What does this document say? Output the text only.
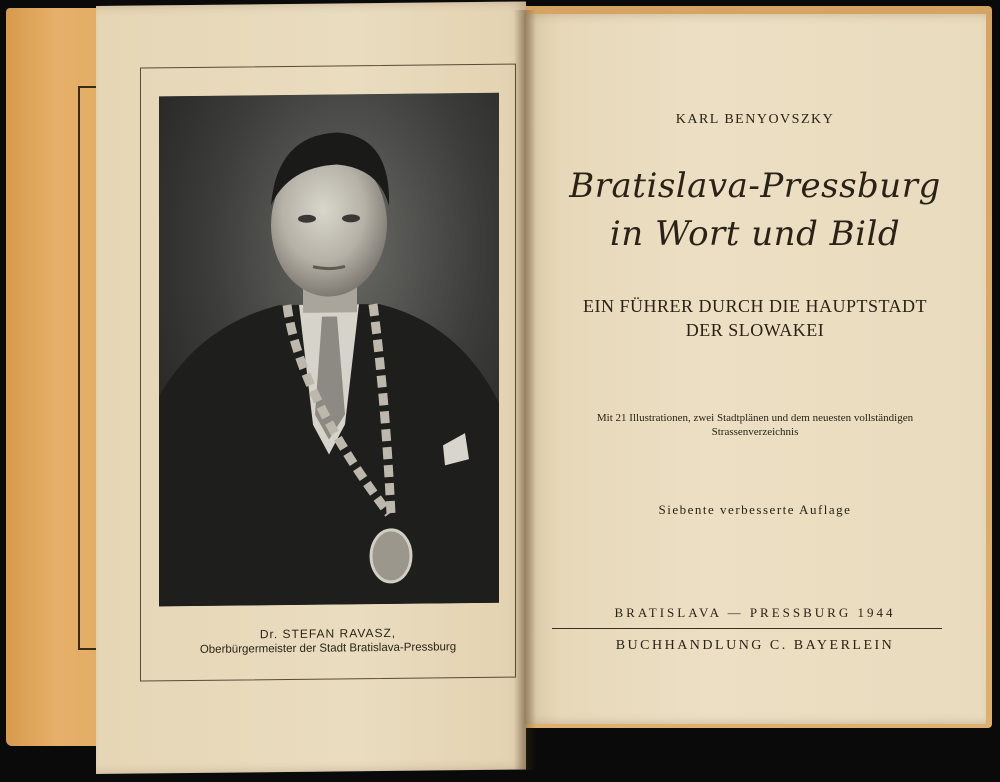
Dr. STEFAN RAVASZ,
Oberbürgermeister der Stadt Bratislava-Pressburg
KARL BENYOVSZKY
Bratislava-Pressburg
in Wort und Bild
EIN FÜHRER DURCH DIE HAUPTSTADT
DER SLOWAKEI
Mit 21 Illustrationen, zwei Stadtplänen und dem neuesten vollständigen
Strassenverzeichnis
Siebente verbesserte Auflage
BRATISLAVA — PRESSBURG 1944
BUCHHANDLUNG C. BAYERLEIN
